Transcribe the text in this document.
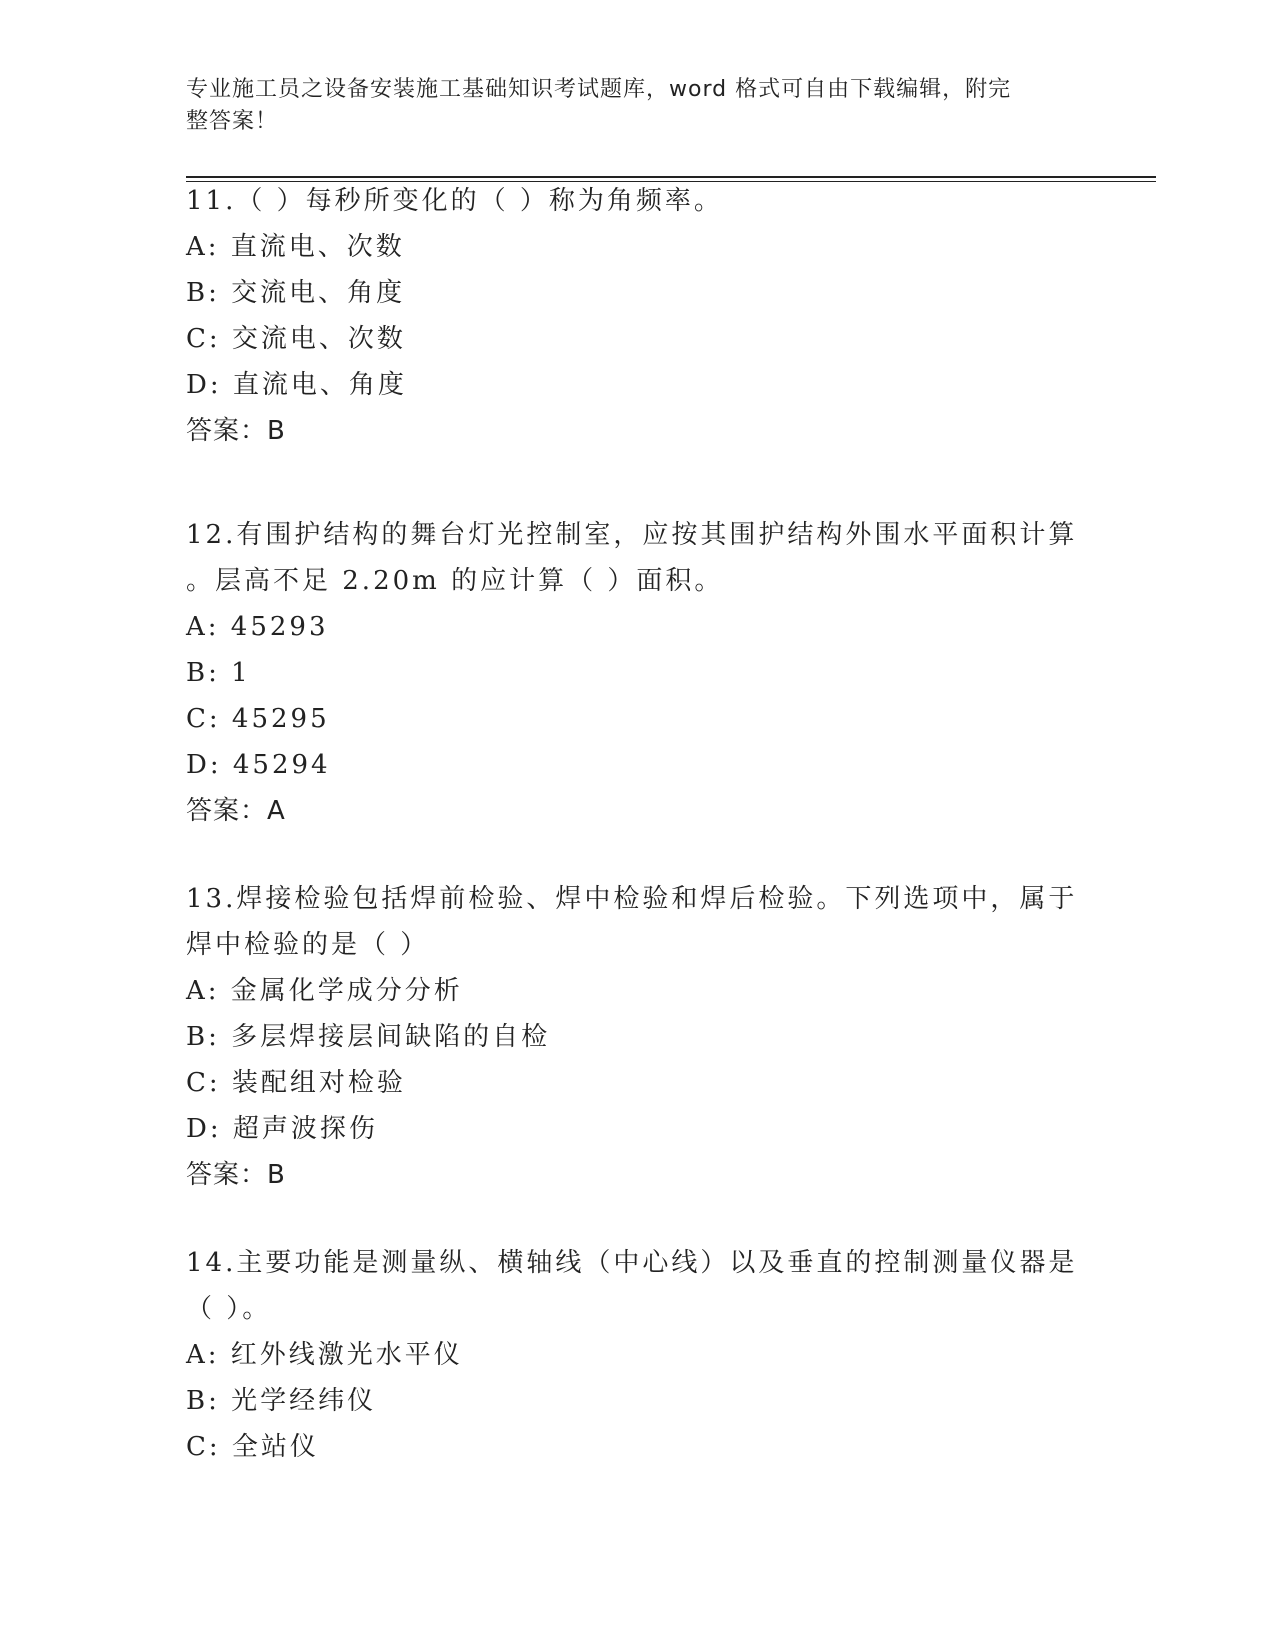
专业施工员之设备安装施工基础知识考试题库，word 格式可自由下载编辑，附完
整答案！
11.（ ）每秒所变化的（ ）称为角频率。
A: 直流电、次数
B: 交流电、角度
C: 交流电、次数
D: 直流电、角度
答案：B
12.有围护结构的舞台灯光控制室，应按其围护结构外围水平面积计算
。层高不足 2.20m 的应计算（ ）面积。
A: 45293
B: 1
C: 45295
D: 45294
答案：A
13.焊接检验包括焊前检验、焊中检验和焊后检验。下列选项中，属于
焊中检验的是（ ）
A: 金属化学成分分析
B: 多层焊接层间缺陷的自检
C: 装配组对检验
D: 超声波探伤
答案：B
14.主要功能是测量纵、横轴线（中心线）以及垂直的控制测量仪器是
（ ）。
A: 红外线激光水平仪
B: 光学经纬仪
C: 全站仪
